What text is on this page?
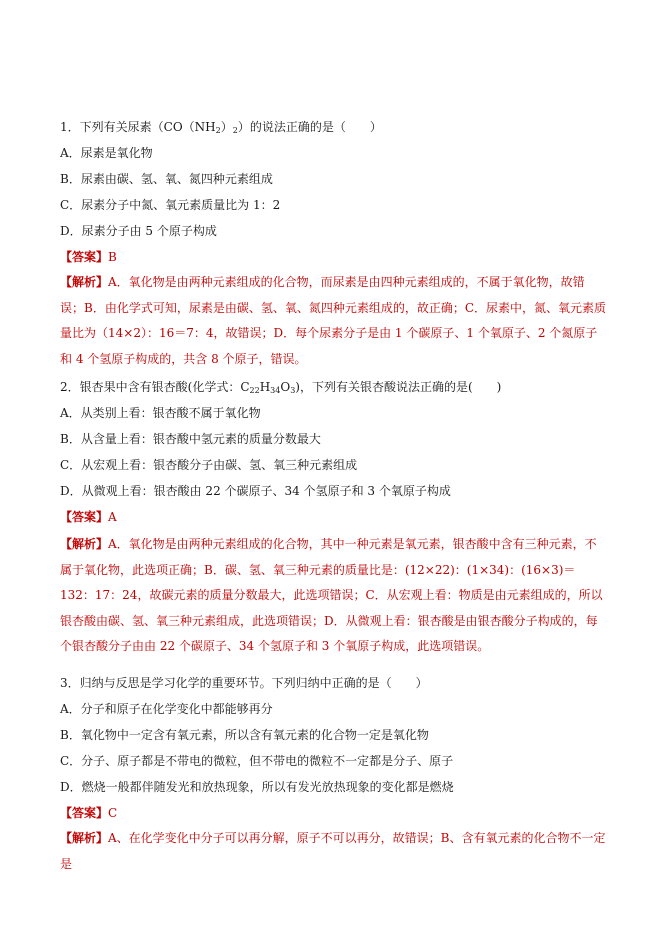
1．下列有关尿素$(CO(NH_2)_2)$的说法正确的是（　　）
A．尿素是氧化物
B．尿素由碳、氢、氧、氮四种元素组成
C．尿素分子中氮、氧元素质量比为 1：2
D．尿素分子由 5 个原子构成
【答案】B
【解析】A．氧化物是由两种元素组成的化合物，而尿素是由四种元素组成的，不属于氧化物，故错误；B．由化学式可知，尿素是由碳、氢、氧、氮四种元素组成的，故正确；C．尿素中，氮、氧元素质量比为（14×2）：16＝7：4，故错误；D．每个尿素分子是由 1 个碳原子、1 个氧原子、2 个氮原子和 4 个氢原子构成的，共含 8 个原子，错误。
2．银杏果中含有银杏酸(化学式：$C_{22}H_{34}O_3$)，下列有关银杏酸说法正确的是(　　)
A．从类别上看：银杏酸不属于氧化物
B．从含量上看：银杏酸中氢元素的质量分数最大
C．从宏观上看：银杏酸分子由碳、氢、氧三种元素组成
D．从微观上看：银杏酸由 22 个碳原子、34 个氢原子和 3 个氧原子构成
【答案】A
【解析】A．氧化物是由两种元素组成的化合物，其中一种元素是氧元素，银杏酸中含有三种元素，不属于氧化物，此选项正确；B．碳、氢、氧三种元素的质量比是：(12×22)：(1×34)：(16×3)＝132：17：24，故碳元素的质量分数最大，此选项错误；C．从宏观上看：物质是由元素组成的，所以银杏酸由碳、氢、氧三种元素组成，此选项错误；D．从微观上看：银杏酸是由银杏酸分子构成的，每个银杏酸分子由由 22 个碳原子、34 个氢原子和 3 个氧原子构成，此选项错误。
3．归纳与反思是学习化学的重要环节。下列归纳中正确的是（　　）
A．分子和原子在化学变化中都能够再分
B．氧化物中一定含有氧元素，所以含有氧元素的化合物一定是氧化物
C．分子、原子都是不带电的微粒，但不带电的微粒不一定都是分子、原子
D．燃烧一般都伴随发光和放热现象，所以有发光放热现象的变化都是燃烧
【答案】C
【解析】A、在化学变化中分子可以再分解，原子不可以再分，故错误；B、含有氧元素的化合物不一定是
